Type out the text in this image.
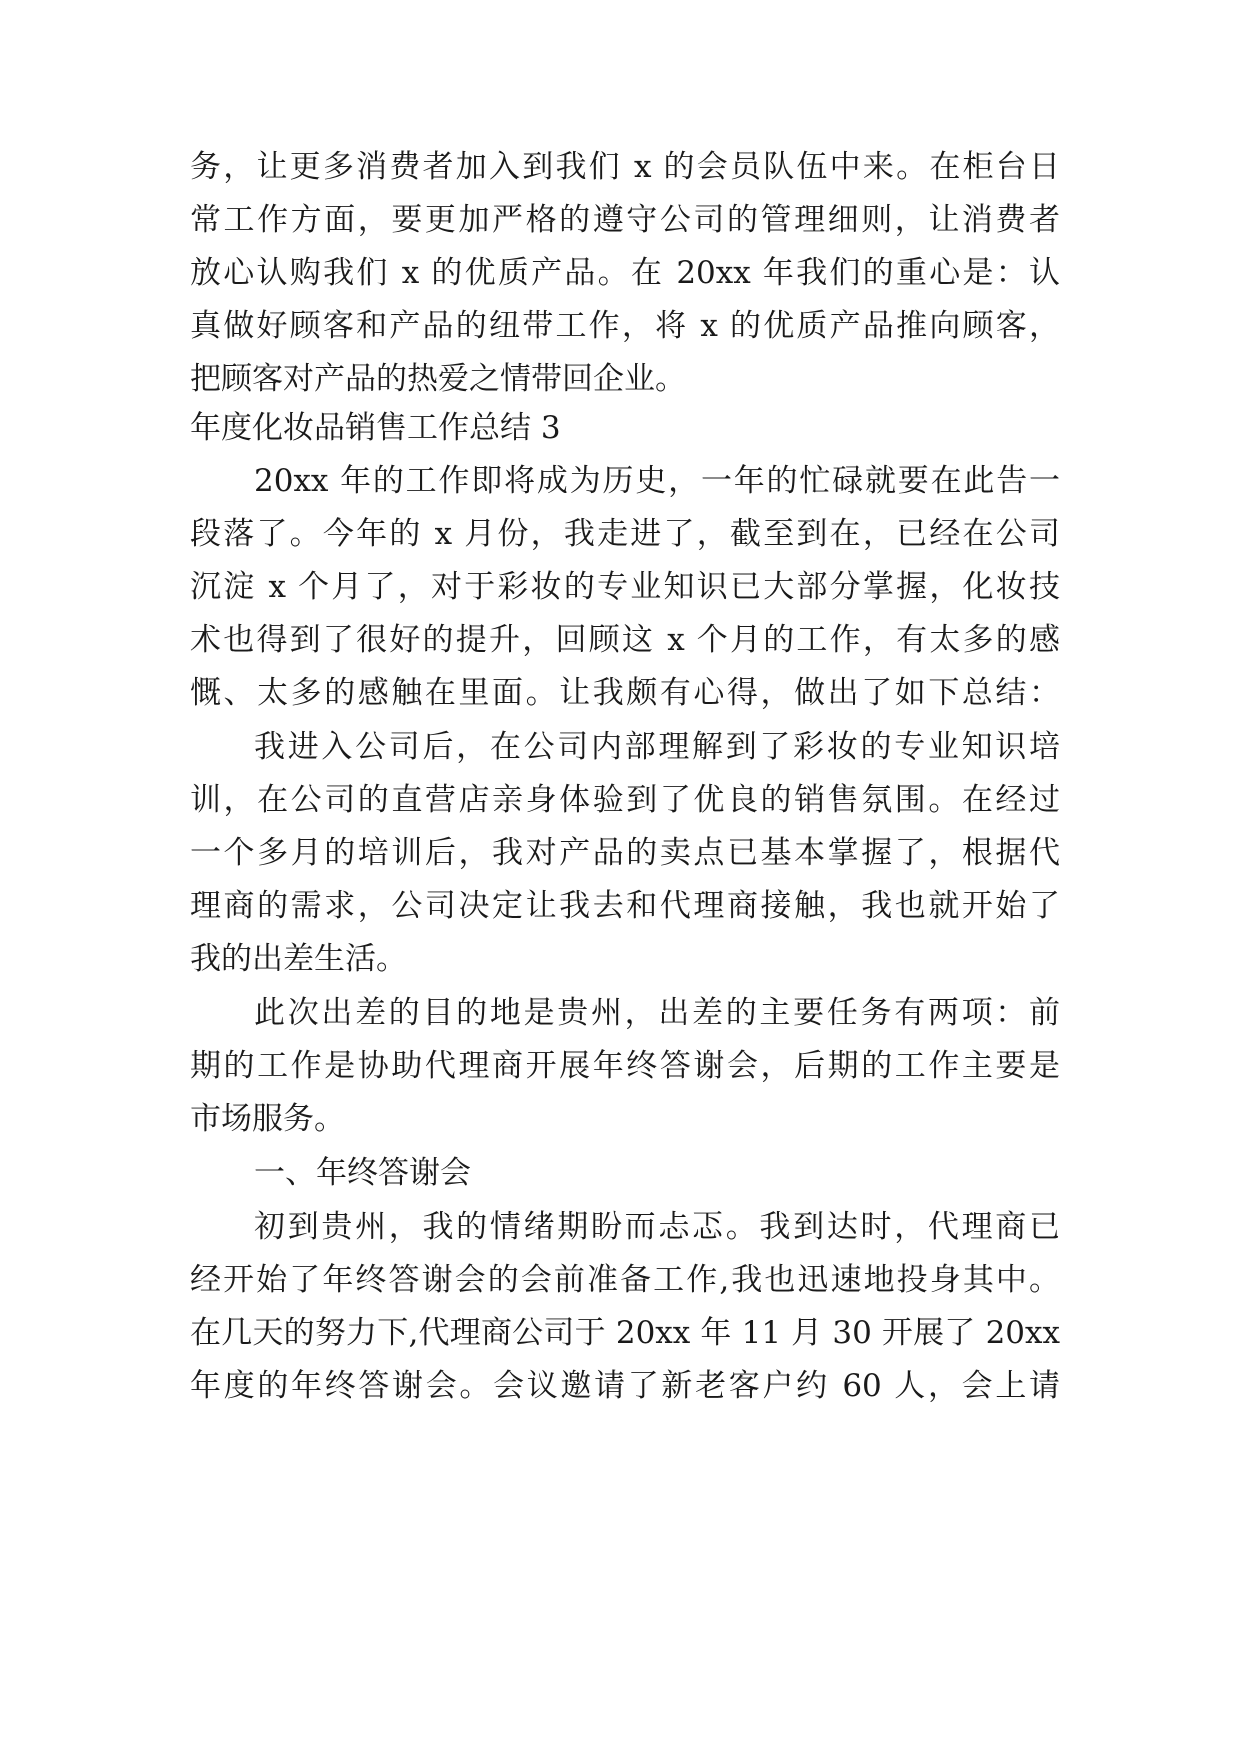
务，让更多消费者加入到我们 x 的会员队伍中来。在柜台日
常工作方面，要更加严格的遵守公司的管理细则，让消费者
放心认购我们 x 的优质产品。在 20xx 年我们的重心是：认
真做好顾客和产品的纽带工作，将 x 的优质产品推向顾客，
把顾客对产品的热爱之情带回企业。
年度化妆品销售工作总结 3
20xx 年的工作即将成为历史，一年的忙碌就要在此告一
段落了。今年的 x 月份，我走进了，截至到在，已经在公司
沉淀 x 个月了，对于彩妆的专业知识已大部分掌握，化妆技
术也得到了很好的提升，回顾这 x 个月的工作，有太多的感
慨、太多的感触在里面。让我颇有心得，做出了如下总结：
我进入公司后，在公司内部理解到了彩妆的专业知识培
训，在公司的直营店亲身体验到了优良的销售氛围。在经过
一个多月的培训后，我对产品的卖点已基本掌握了，根据代
理商的需求，公司决定让我去和代理商接触，我也就开始了
我的出差生活。
此次出差的目的地是贵州，出差的主要任务有两项：前
期的工作是协助代理商开展年终答谢会，后期的工作主要是
市场服务。
一、年终答谢会
初到贵州，我的情绪期盼而忐忑。我到达时，代理商已
经开始了年终答谢会的会前准备工作,我也迅速地投身其中。
在几天的努力下,代理商公司于 20xx 年 11 月 30 开展了 20xx
年度的年终答谢会。会议邀请了新老客户约 60 人，会上请
